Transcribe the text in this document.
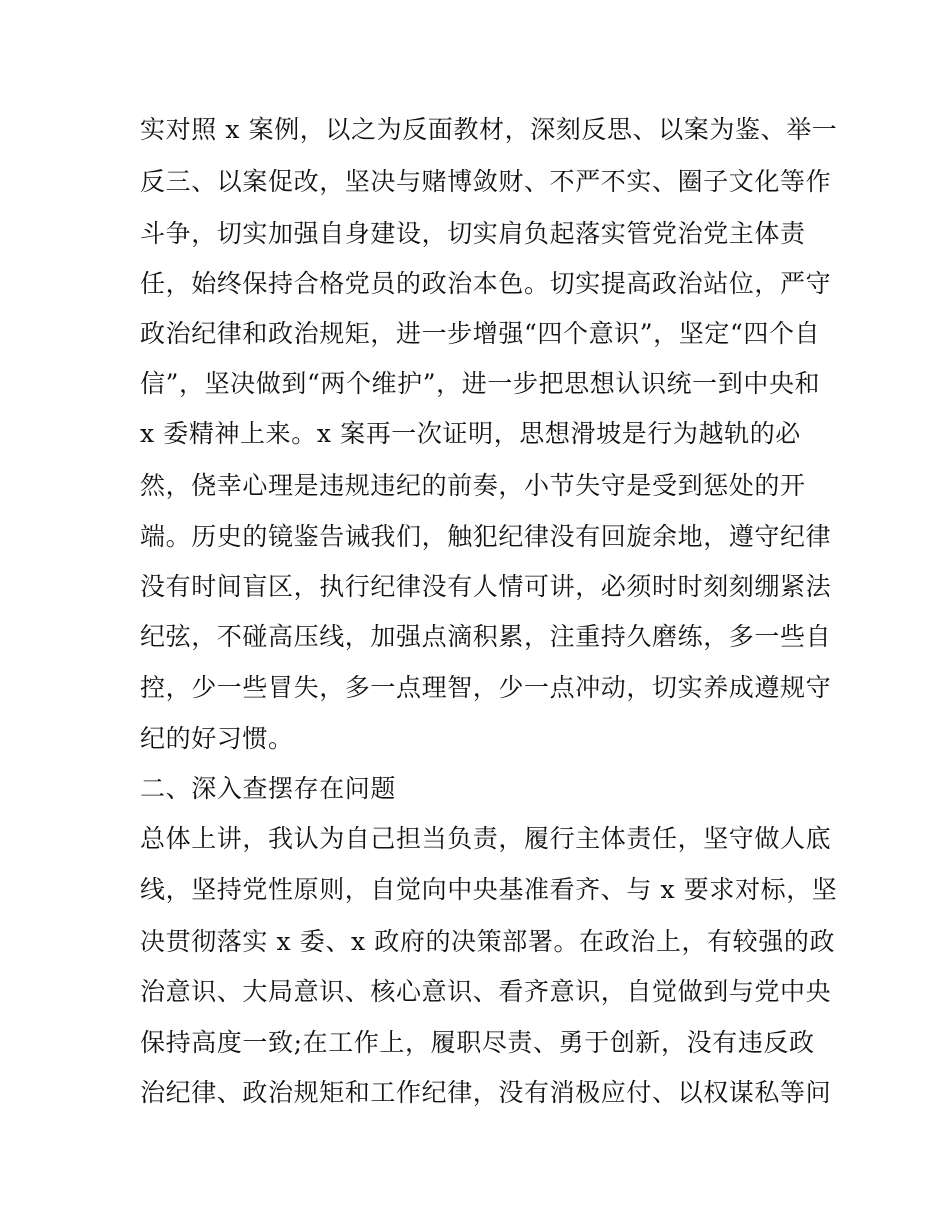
实对照 x 案例，以之为反面教材，深刻反思、以案为鉴、举一
反三、以案促改，坚决与赌博敛财、不严不实、圈子文化等作
斗争，切实加强自身建设，切实肩负起落实管党治党主体责
任，始终保持合格党员的政治本色。切实提高政治站位，严守
政治纪律和政治规矩，进一步增强“四个意识”，坚定“四个自
信”，坚决做到“两个维护”，进一步把思想认识统一到中央和
x 委精神上来。x 案再一次证明，思想滑坡是行为越轨的必
然，侥幸心理是违规违纪的前奏，小节失守是受到惩处的开
端。历史的镜鉴告诫我们，触犯纪律没有回旋余地，遵守纪律
没有时间盲区，执行纪律没有人情可讲，必须时时刻刻绷紧法
纪弦，不碰高压线，加强点滴积累，注重持久磨练，多一些自
控，少一些冒失，多一点理智，少一点冲动，切实养成遵规守
纪的好习惯。
二、深入查摆存在问题
总体上讲，我认为自己担当负责，履行主体责任，坚守做人底
线，坚持党性原则，自觉向中央基准看齐、与 x 要求对标，坚
决贯彻落实 x 委、x 政府的决策部署。在政治上，有较强的政
治意识、大局意识、核心意识、看齐意识，自觉做到与党中央
保持高度一致;在工作上，履职尽责、勇于创新，没有违反政
治纪律、政治规矩和工作纪律，没有消极应付、以权谋私等问
